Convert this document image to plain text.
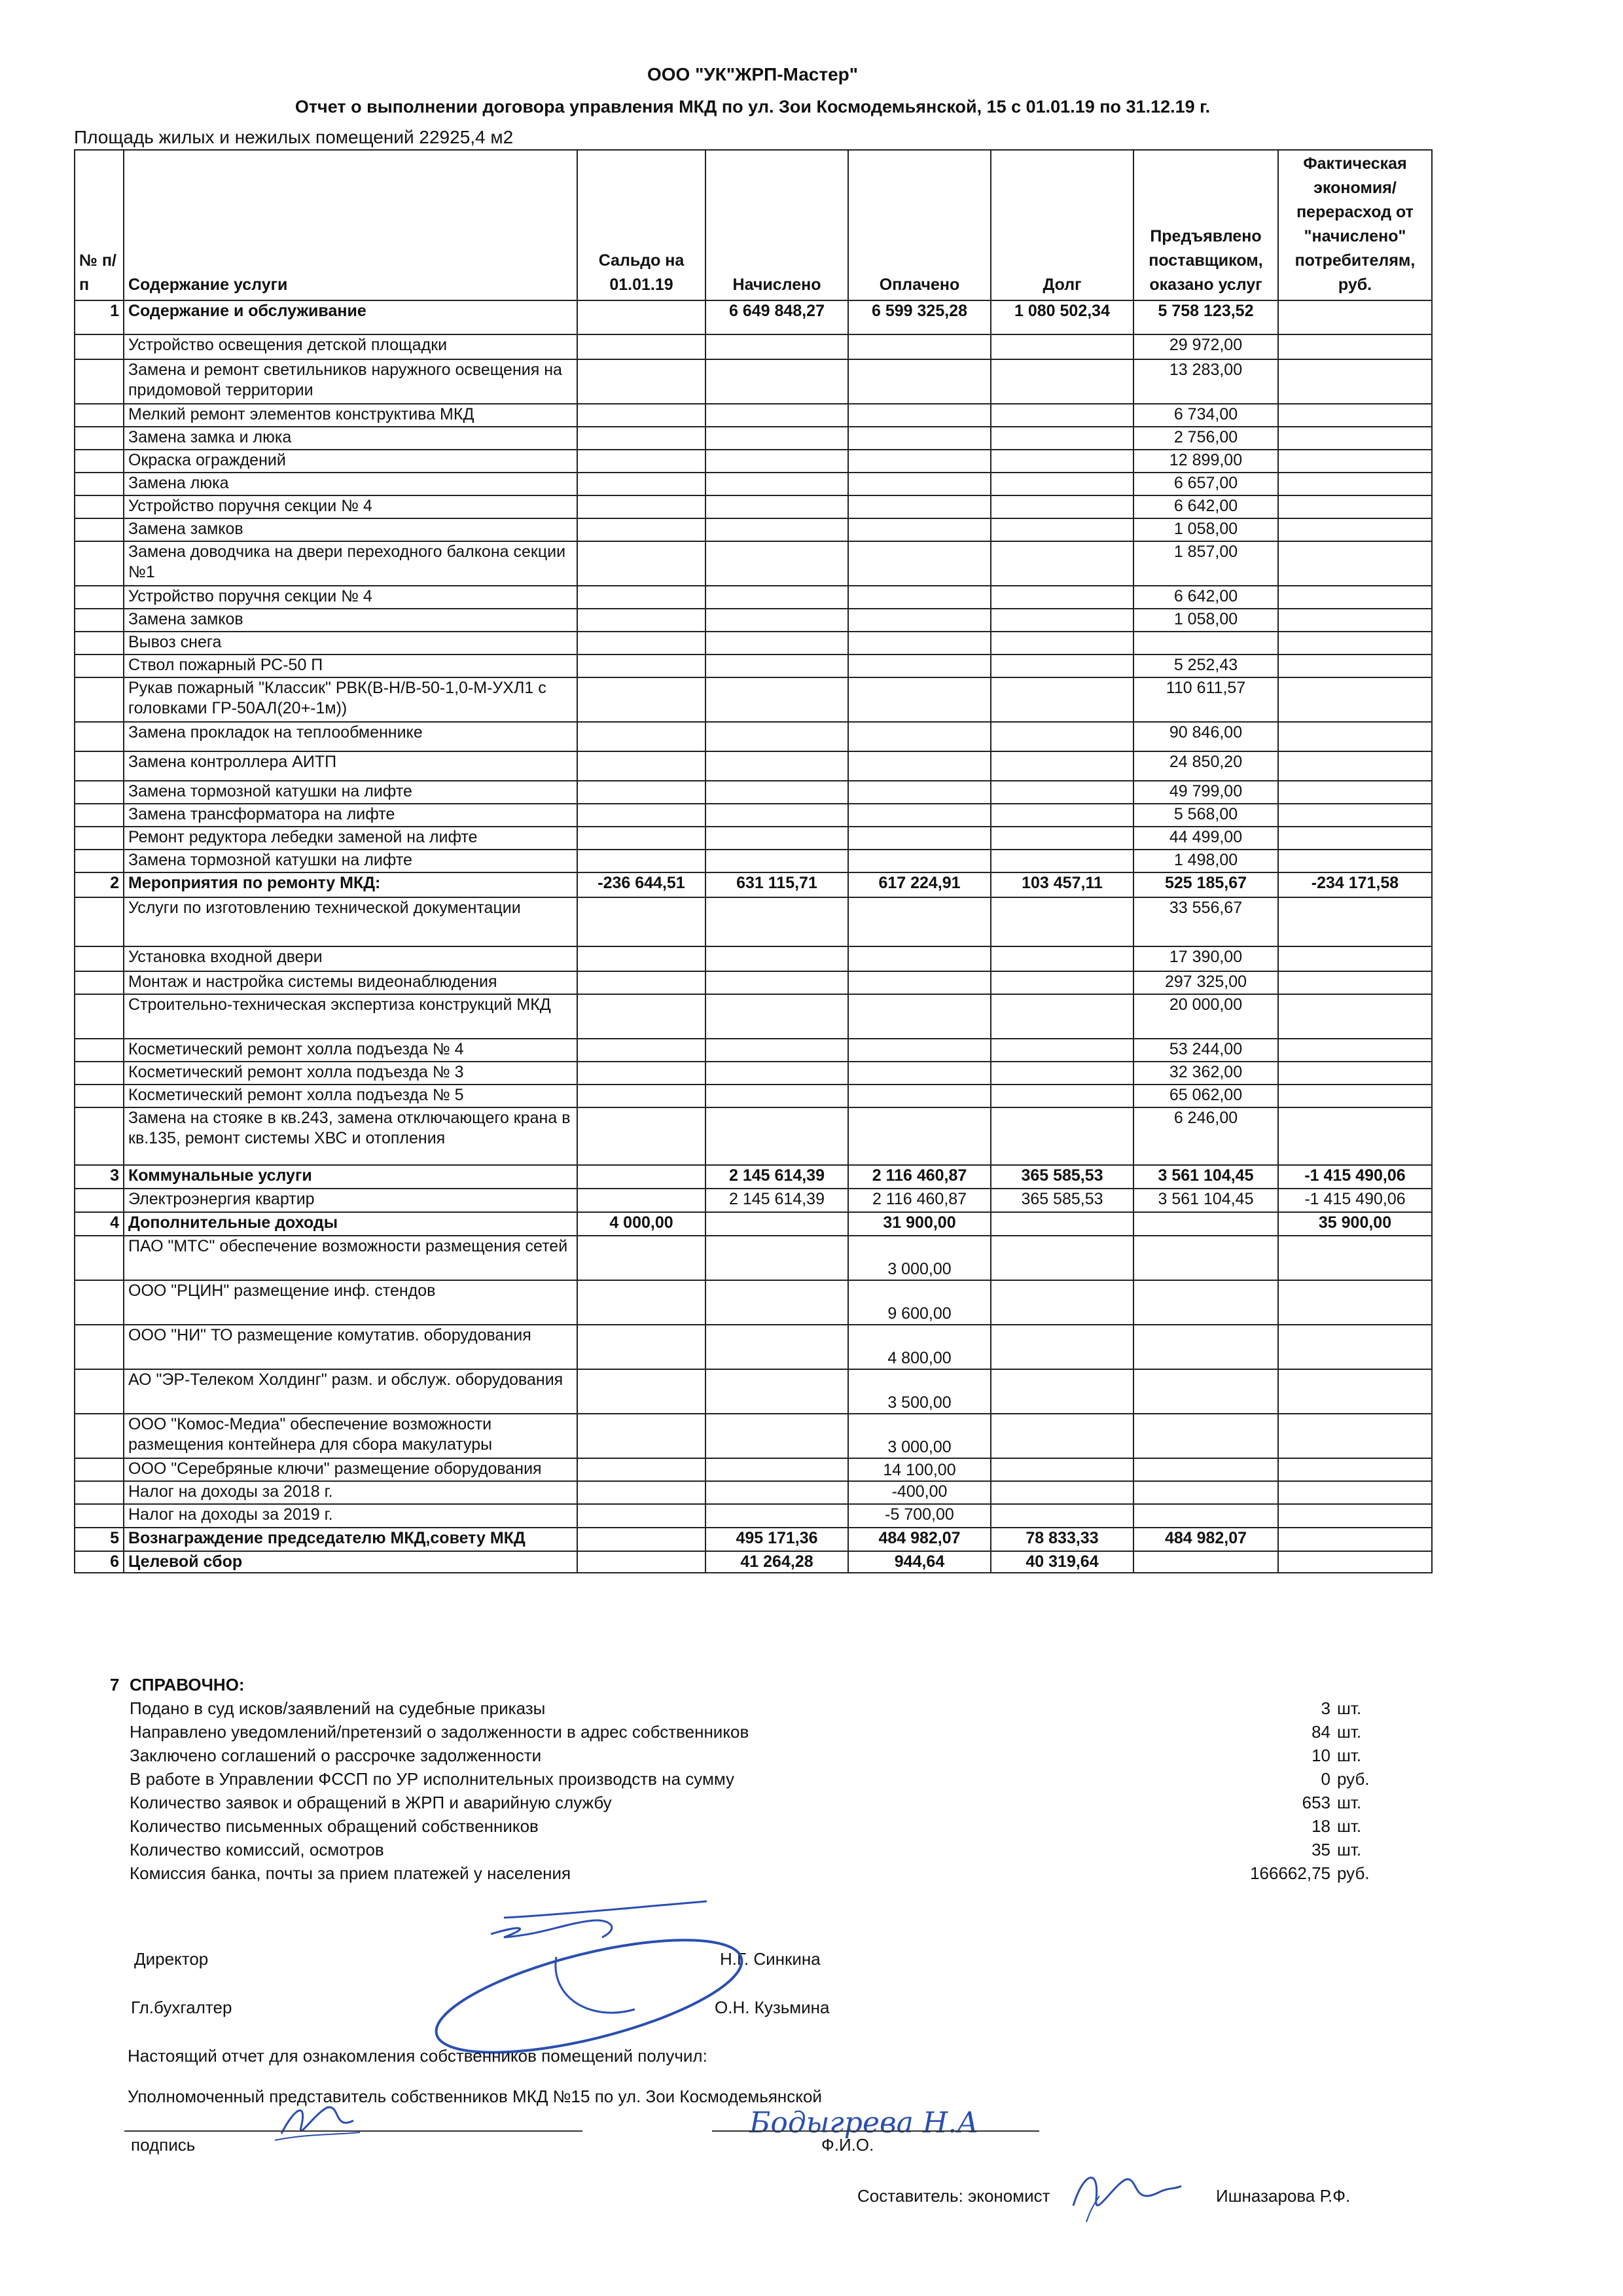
ООО "УК"ЖРП-Мастер"
Отчет о выполнении договора управления МКД по ул. Зои Космодемьянской, 15 с 01.01.19 по 31.12.19 г.
Площадь жилых и нежилых помещений 22925,4 м2
№ п/п	Содержание услуги	Сальдо на 01.01.19	Начислено	Оплачено	Долг	Предъявлено поставщиком, оказано услуг	Фактическая экономия/перерасход от "начислено" потребителям, руб.
1	Содержание и обслуживание		6 649 848,27	6 599 325,28	1 080 502,34	5 758 123,52	
	Устройство освещения детской площадки					29 972,00	
	Замена и ремонт светильников наружного освещения на придомовой территории					13 283,00	
	Мелкий ремонт элементов конструктива МКД					6 734,00	
	Замена замка и люка					2 756,00	
	Окраска ограждений					12 899,00	
	Замена люка					6 657,00	
	Устройство поручня секции № 4					6 642,00	
	Замена замков					1 058,00	
	Замена доводчика на двери переходного балкона секции №1					1 857,00	
	Устройство поручня секции № 4					6 642,00	
	Замена замков					1 058,00	
	Вывоз снега						
	Ствол пожарный РС-50 П					5 252,43	
	Рукав пожарный "Классик" РВК(В-Н/В-50-1,0-М-УХЛ1 с головками ГР-50АЛ(20+-1м))					110 611,57	
	Замена прокладок на теплообменнике					90 846,00	
	Замена контроллера АИТП					24 850,20	
	Замена тормозной катушки на лифте					49 799,00	
	Замена трансформатора на лифте					5 568,00	
	Ремонт редуктора лебедки заменой на лифте					44 499,00	
	Замена тормозной катушки на лифте					1 498,00	
2	Мероприятия по ремонту МКД:	-236 644,51	631 115,71	617 224,91	103 457,11	525 185,67	-234 171,58
	Услуги по изготовлению технической документации					33 556,67	
	Установка входной двери					17 390,00	
	Монтаж и настройка системы видеонаблюдения					297 325,00	
	Строительно-техническая экспертиза конструкций МКД					20 000,00	
	Косметический ремонт холла подъезда № 4					53 244,00	
	Косметический ремонт холла подъезда № 3					32 362,00	
	Косметический ремонт холла подъезда № 5					65 062,00	
	Замена на стояке в кв.243, замена отключающего крана в кв.135, ремонт системы ХВС и отопления					6 246,00	
3	Коммунальные услуги		2 145 614,39	2 116 460,87	365 585,53	3 561 104,45	-1 415 490,06
	Электроэнергия квартир		2 145 614,39	2 116 460,87	365 585,53	3 561 104,45	-1 415 490,06
4	Дополнительные доходы	4 000,00		31 900,00			35 900,00
	ПАО "МТС" обеспечение возможности размещения сетей			3 000,00			
	ООО "РЦИН" размещение инф. стендов			9 600,00			
	ООО "НИ" ТО размещение комутатив. оборудования			4 800,00			
	АО "ЭР-Телеком Холдинг" разм. и обслуж. оборудования			3 500,00			
	ООО "Комос-Медиа" обеспечение возможности размещения контейнера для сбора макулатуры			3 000,00			
	ООО "Серебряные ключи" размещение оборудования			14 100,00			
	Налог на доходы за 2018 г.			-400,00			
	Налог на доходы за 2019 г.			-5 700,00			
5	Вознаграждение председателю МКД,совету МКД		495 171,36	484 982,07	78 833,33	484 982,07	
6	Целевой сбор		41 264,28	944,64	40 319,64		
7 СПРАВОЧНО:
Подано в суд исков/заявлений на судебные приказы	3 шт.
Направлено уведомлений/претензий о задолженности в адрес собственников	84 шт.
Заключено соглашений о рассрочке задолженности	10 шт.
В работе в Управлении ФССП по УР исполнительных производств на сумму	0 руб.
Количество заявок и обращений в ЖРП и аварийную службу	653 шт.
Количество письменных обращений собственников	18 шт.
Количество комиссий, осмотров	35 шт.
Комиссия банка, почты за прием платежей у населения	166662,75 руб.
Директор	Н.Г. Синкина
Гл.бухгалтер	О.Н. Кузьмина
Настоящий отчет для ознакомления собственников помещений получил:
Уполномоченный представитель собственников МКД №15 по ул. Зои Космодемьянской
Бодыгрева Н.А
подпись	Ф.И.О.
Составитель: экономист	Ишназарова Р.Ф.
